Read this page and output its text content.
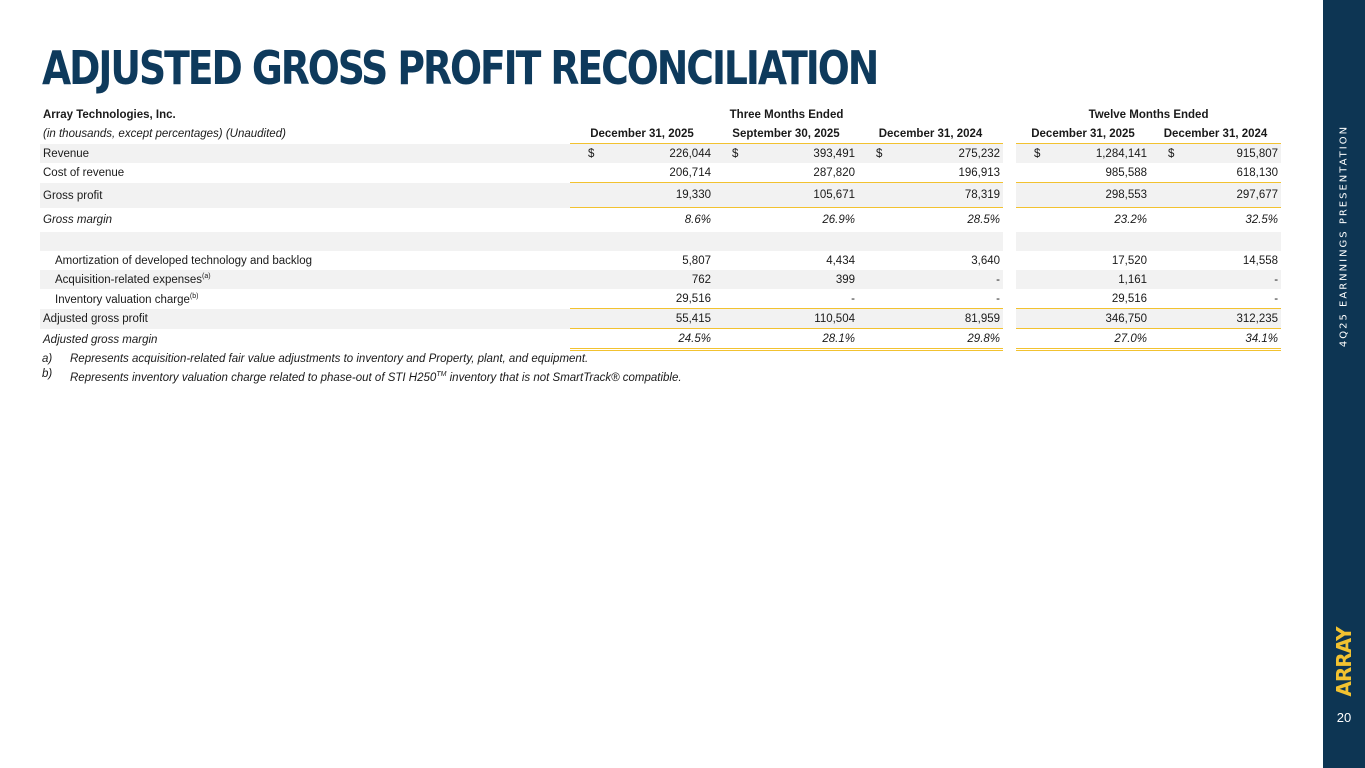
ADJUSTED GROSS PROFIT RECONCILIATION
4Q25 EARNNINGS PRESENTATION
ARRAY
20
Array Technologies, Inc.	Three Months Ended				Twelve Months Ended	
(in thousands, except percentages) (Unaudited)	December 31, 2025	September 30, 2025	December 31, 2024		December 31, 2025	December 31, 2024
Revenue	$ 226,044	$ 393,491	$ 275,232		$ 1,284,141	$ 915,807
Cost of revenue	206,714	287,820	196,913		985,588	618,130
Gross profit	19,330	105,671	78,319		298,553	297,677
Gross margin	8.6%	26.9%	28.5%		23.2%	32.5%

Amortization of developed technology and backlog	5,807	4,434	3,640		17,520	14,558
Acquisition-related expenses$^{(a)}$	762	399	-		1,161	-
Inventory valuation charge$^{(b)}$	29,516	-	-		29,516	-
Adjusted gross profit	55,415	110,504	81,959		346,750	312,235
Adjusted gross margin	24.5%	28.1%	29.8%		27.0%	34.1%
a)	Represents acquisition-related fair value adjustments to inventory and Property, plant, and equipment.
b)	Represents inventory valuation charge related to phase-out of STI H250™ inventory that is not SmartTrack® compatible.
